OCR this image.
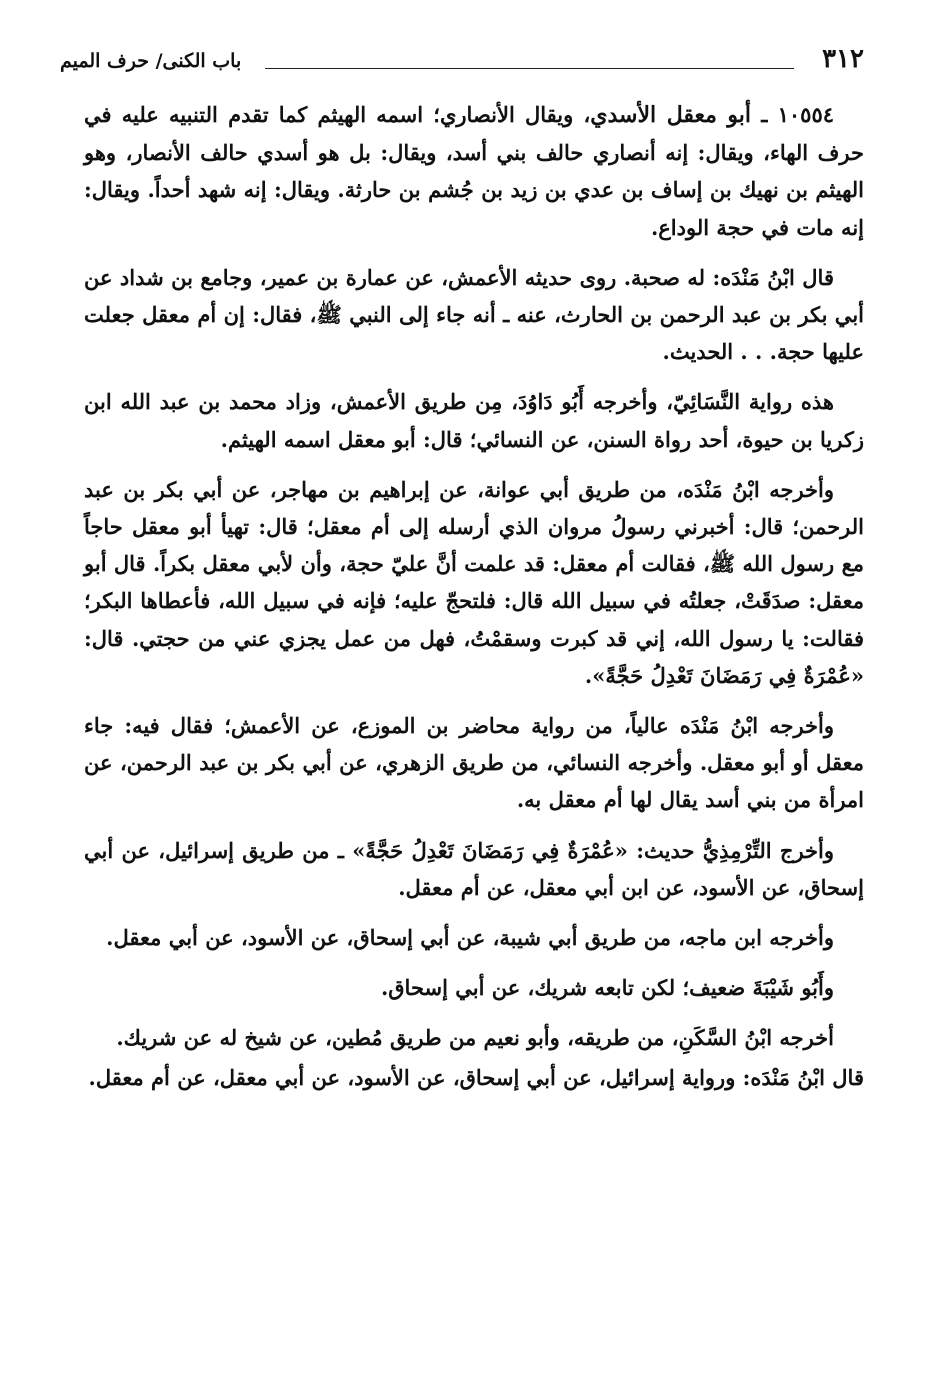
٣١٢
باب الكنى/ حرف الميم

١٠٥٥٤ ـ أبو معقل الأسدي، ويقال الأنصاري؛ اسمه الهيثم كما تقدم التنبيه عليه في حرف الهاء، ويقال: إنه أنصاري حالف بني أسد، ويقال: بل هو أسدي حالف الأنصار، وهو الهيثم بن نهيك بن إساف بن عدي بن زيد بن جُشم بن حارثة. ويقال: إنه شهد أحداً. ويقال: إنه مات في حجة الوداع.

قال ابْنُ مَنْدَه: له صحبة. روى حديثه الأعمش، عن عمارة بن عمير، وجامع بن شداد عن أبي بكر بن عبد الرحمن بن الحارث، عنه ـ أنه جاء إلى النبي ﷺ، فقال: إن أم معقل جعلت عليها حجة. . . الحديث.

هذه رواية النَّسَائِيّ، وأخرجه أَبُو دَاوُدَ، مِن طريق الأعمش، وزاد محمد بن عبد الله ابن زكريا بن حيوة، أحد رواة السنن، عن النسائي؛ قال: أبو معقل اسمه الهيثم.

وأخرجه ابْنُ مَنْدَه، من طريق أبي عوانة، عن إبراهيم بن مهاجر، عن أبي بكر بن عبد الرحمن؛ قال: أخبرني رسولُ مروان الذي أرسله إلى أم معقل؛ قال: تهيأ أبو معقل حاجاً مع رسول الله ﷺ، فقالت أم معقل: قد علمت أنَّ عليّ حجة، وأن لأبي معقل بكراً. قال أبو معقل: صدَقَتْ، جعلتُه في سبيل الله قال: فلتحجّ عليه؛ فإنه في سبيل الله، فأعطاها البكر؛ فقالت: يا رسول الله، إني قد كبرت وسقمْتُ، فهل من عمل يجزي عني من حجتي. قال: «عُمْرَةٌ فِي رَمَضَانَ تَعْدِلُ حَجَّةً».

وأخرجه ابْنُ مَنْدَه عالياً، من رواية محاضر بن الموزع، عن الأعمش؛ فقال فيه: جاء معقل أو أبو معقل. وأخرجه النسائي، من طريق الزهري، عن أبي بكر بن عبد الرحمن، عن امرأة من بني أسد يقال لها أم معقل به.

وأخرج التِّرْمِذِيُّ حديث: «عُمْرَةٌ فِي رَمَضَانَ تَعْدِلُ حَجَّةً» ـ من طريق إسرائيل، عن أبي إسحاق، عن الأسود، عن ابن أبي معقل، عن أم معقل.

وأخرجه ابن ماجه، من طريق أبي شيبة، عن أبي إسحاق، عن الأسود، عن أبي معقل.

وأَبُو شَيْبَةَ ضعيف؛ لكن تابعه شريك، عن أبي إسحاق.

أخرجه ابْنُ السَّكَنِ، من طريقه، وأبو نعيم من طريق مُطين، عن شيخ له عن شريك.

قال ابْنُ مَنْدَه: ورواية إسرائيل، عن أبي إسحاق، عن الأسود، عن أبي معقل، عن أم معقل.
